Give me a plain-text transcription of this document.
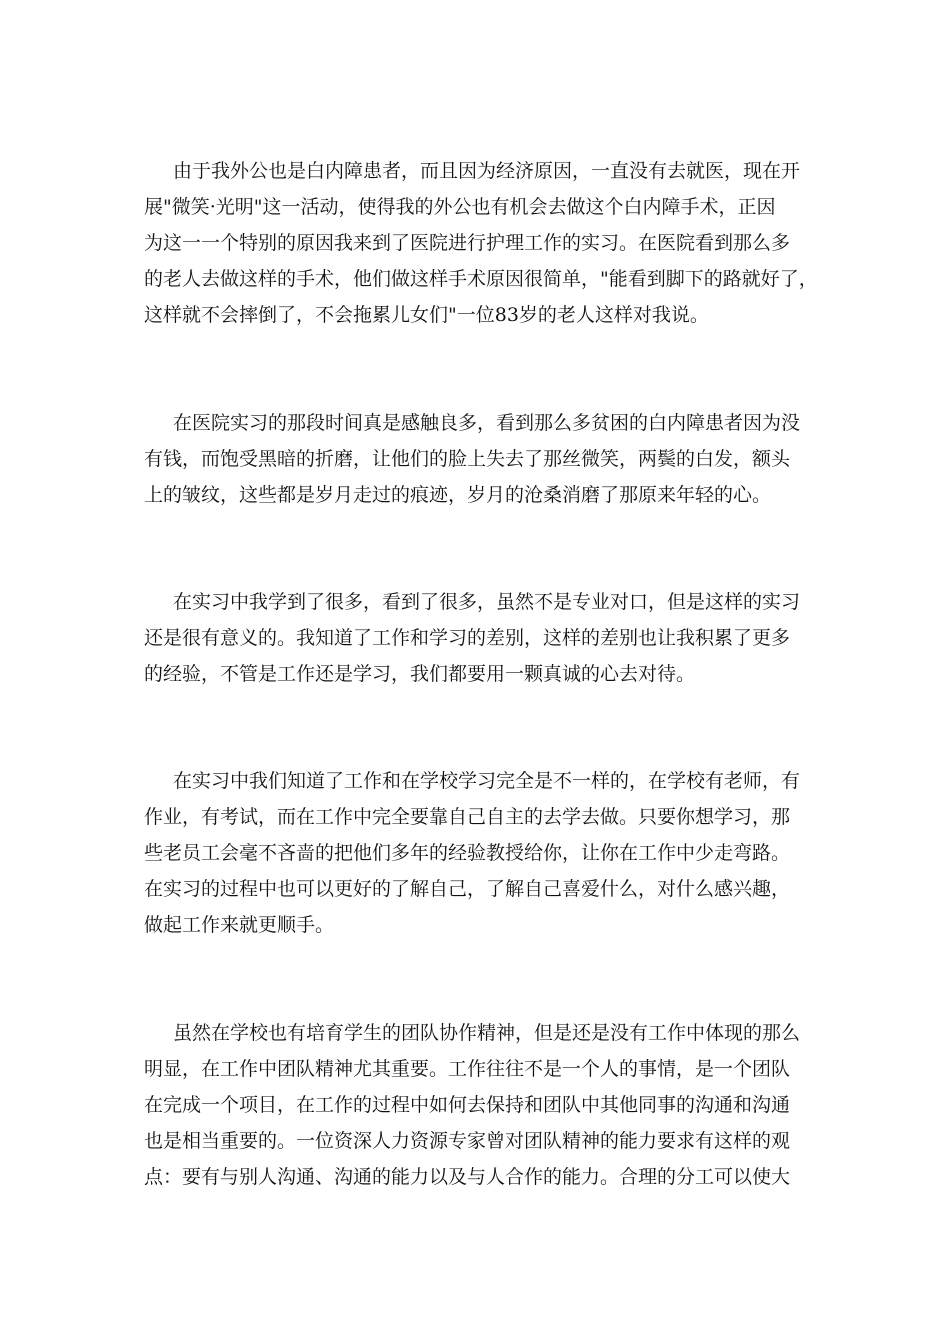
由于我外公也是白内障患者，而且因为经济原因，一直没有去就医，现在开
展"微笑·光明"这一活动，使得我的外公也有机会去做这个白内障手术，正因
为这一一个特别的原因我来到了医院进行护理工作的实习。在医院看到那么多
的老人去做这样的手术，他们做这样手术原因很简单，"能看到脚下的路就好了，
这样就不会摔倒了，不会拖累儿女们"一位83岁的老人这样对我说。
在医院实习的那段时间真是感触良多，看到那么多贫困的白内障患者因为没
有钱，而饱受黑暗的折磨，让他们的脸上失去了那丝微笑，两鬓的白发，额头
上的皱纹，这些都是岁月走过的痕迹，岁月的沧桑消磨了那原来年轻的心。
在实习中我学到了很多，看到了很多，虽然不是专业对口，但是这样的实习
还是很有意义的。我知道了工作和学习的差别，这样的差别也让我积累了更多
的经验，不管是工作还是学习，我们都要用一颗真诚的心去对待。
在实习中我们知道了工作和在学校学习完全是不一样的，在学校有老师，有
作业，有考试，而在工作中完全要靠自己自主的去学去做。只要你想学习，那
些老员工会毫不吝啬的把他们多年的经验教授给你，让你在工作中少走弯路。
在实习的过程中也可以更好的了解自己，了解自己喜爱什么，对什么感兴趣，
做起工作来就更顺手。
虽然在学校也有培育学生的团队协作精神，但是还是没有工作中体现的那么
明显，在工作中团队精神尤其重要。工作往往不是一个人的事情，是一个团队
在完成一个项目，在工作的过程中如何去保持和团队中其他同事的沟通和沟通
也是相当重要的。一位资深人力资源专家曾对团队精神的能力要求有这样的观
点：要有与别人沟通、沟通的能力以及与人合作的能力。合理的分工可以使大
